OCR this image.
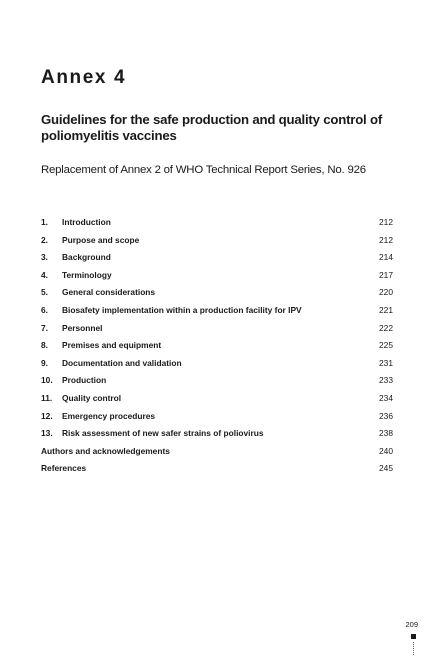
Annex 4
Guidelines for the safe production and quality control of poliomyelitis vaccines
Replacement of Annex 2 of WHO Technical Report Series, No. 926
1.	Introduction	212
2.	Purpose and scope	212
3.	Background	214
4.	Terminology	217
5.	General considerations	220
6.	Biosafety implementation within a production facility for IPV	221
7.	Personnel	222
8.	Premises and equipment	225
9.	Documentation and validation	231
10.	Production	233
11.	Quality control	234
12.	Emergency procedures	236
13.	Risk assessment of new safer strains of poliovirus	238
Authors and acknowledgements	240
References	245
209
